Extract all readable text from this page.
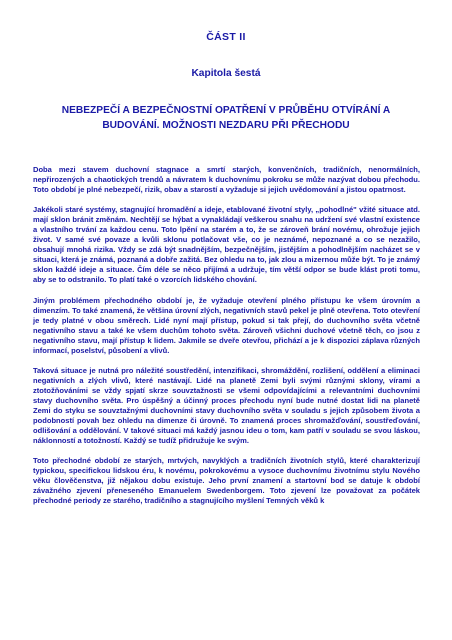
ČÁST II
Kapitola šestá
NEBEZPEČÍ A BEZPEČNOSTNÍ OPATŘENÍ V PRŮBĚHU OTVÍRÁNÍ A BUDOVÁNÍ. MOŽNOSTI NEZDARU PŘI PŘECHODU

Doba mezi stavem duchovní stagnace a smrtí starých, konvenčních, tradičních, nenormálních, nepřirozených a chaotických trendů a návratem k duchovnímu pokroku se může nazývat dobou přechodu. Toto období je plné nebezpečí, rizik, obav a starostí a vyžaduje si jejich uvědomování a jistou opatrnost.

Jakékoli staré systémy, stagnující hromadění a ideje, etablované životní styly, „pohodlné" vžité situace atd. mají sklon bránit změnám. Nechtějí se hýbat a vynakládají veškerou snahu na udržení své vlastní existence a vlastního trvání za každou cenu. Toto lpění na starém a to, že se zároveň brání novému, ohrožuje jejich život. V samé své povaze a kvůli sklonu potlačovat vše, co je neznámé, nepoznané a co se nezažilo, obsahují mnohá rizika. Vždy se zdá být snadnějším, bezpečnějším, jistějším a pohodlnějším nacházet se v situaci, která je známá, poznaná a dobře zažitá. Bez ohledu na to, jak zlou a mizernou může být. To je známý sklon každé ideje a situace. Čím déle se něco přijímá a udržuje, tím větší odpor se bude klást proti tomu, aby se to odstranilo. To platí také o vzorcích lidského chování.

Jiným problémem přechodného období je, že vyžaduje otevření plného přístupu ke všem úrovním a dimenzím. To také znamená, že většina úrovní zlých, negativních stavů pekel je plně otevřena. Toto otevření je tedy platné v obou směrech. Lidé nyní mají přístup, pokud si tak přejí, do duchovního světa včetně negativního stavu a také ke všem duchům tohoto světa. Zároveň všichni duchové včetně těch, co jsou z negativního stavu, mají přístup k lidem. Jakmile se dveře otevřou, přichází a je k dispozici záplava různých informací, poselství, působení a vlivů.

Taková situace je nutná pro náležité soustředění, intenzifikaci, shromáždění, rozlišení, oddělení a eliminaci negativních a zlých vlivů, které nastávají. Lidé na planetě Zemi byli svými různými sklony, vírami a ztotožňováními se vždy spjatí skrze souvztažnosti se všemi odpovídajícími a relevantními duchovními stavy duchovního světa. Pro úspěšný a účinný proces přechodu nyní bude nutné dostat lidi na planetě Zemi do styku se souvztažnými duchovními stavy duchovního světa v souladu s jejich způsobem života a podobností povah bez ohledu na dimenze či úrovně. To znamená proces shromažďování, soustřeďování, odlišování a oddělování. V takové situaci má každý jasnou ideu o tom, kam patří v souladu se svou láskou, náklonností a totožností. Každý se tudíž přidružuje ke svým.

Toto přechodné období ze starých, mrtvých, navyklých a tradičních životních stylů, které charakterizují typickou, specifickou lidskou éru, k novému, pokrokovému a vysoce duchovnímu životnímu stylu Nového věku člověčenstva, již nějakou dobu existuje. Jeho první znamení a startovní bod se datuje k období závažného zjevení přeneseného Emanuelem Swedenborgem. Toto zjevení lze považovat za počátek přechodné periody ze starého, tradičního a stagnujícího myšlení Temných věků k
